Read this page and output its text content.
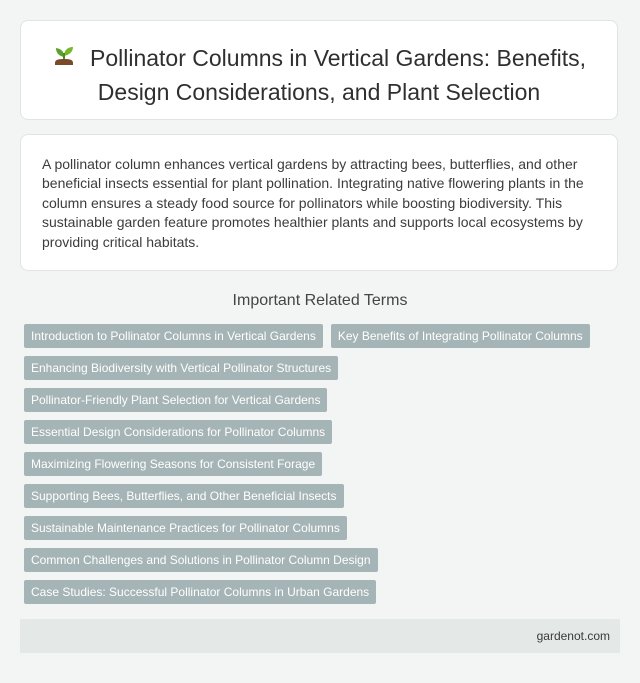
Pollinator Columns in Vertical Gardens: Benefits, Design Considerations, and Plant Selection

A pollinator column enhances vertical gardens by attracting bees, butterflies, and other beneficial insects essential for plant pollination. Integrating native flowering plants in the column ensures a steady food source for pollinators while boosting biodiversity. This sustainable garden feature promotes healthier plants and supports local ecosystems by providing critical habitats.

Important Related Terms
Introduction to Pollinator Columns in Vertical Gardens	Key Benefits of Integrating Pollinator Columns
Enhancing Biodiversity with Vertical Pollinator Structures
Pollinator-Friendly Plant Selection for Vertical Gardens
Essential Design Considerations for Pollinator Columns
Maximizing Flowering Seasons for Consistent Forage
Supporting Bees, Butterflies, and Other Beneficial Insects
Sustainable Maintenance Practices for Pollinator Columns
Common Challenges and Solutions in Pollinator Column Design
Case Studies: Successful Pollinator Columns in Urban Gardens
gardenot.com
